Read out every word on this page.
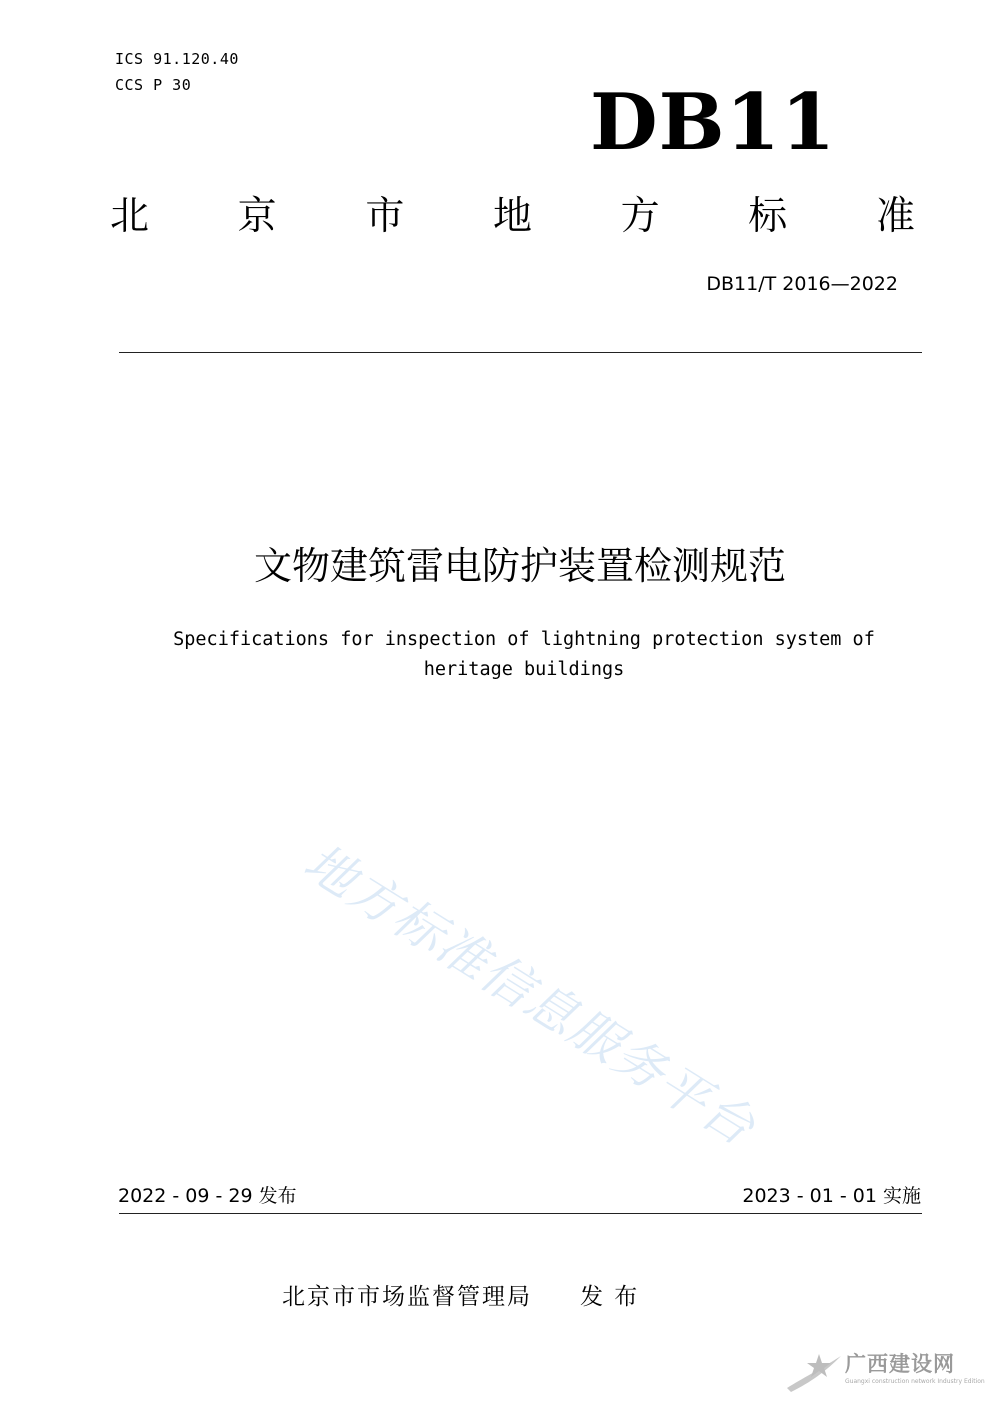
ICS 91.120.40
CCS P 30	DB11
北 京 市 地 方 标 准
DB11/T 2016—2022
文物建筑雷电防护装置检测规范
Specifications for inspection of lightning protection system of
heritage buildings
地方标准信息服务平台
2022 - 09 - 29 发布	2023 - 01 - 01 实施
北京市市场监督管理局 发 布
广西建设网
Guangxi construction network Industry Edition
